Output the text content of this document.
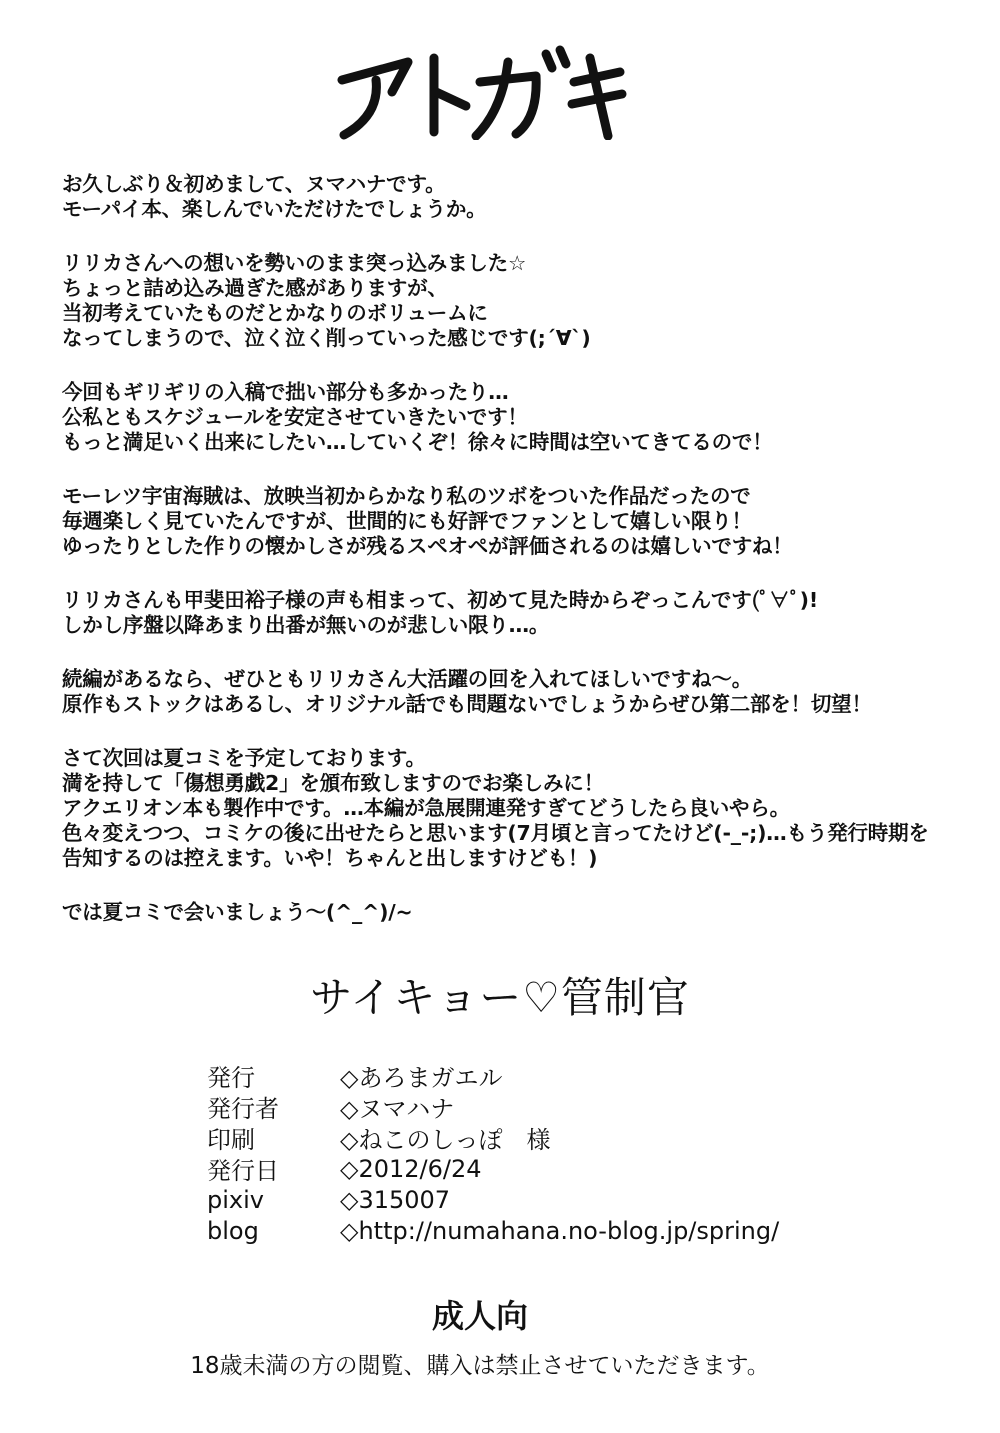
お久しぶり＆初めまして、ヌマハナです。
モーパイ本、楽しんでいただけたでしょうか。
リリカさんへの想いを勢いのまま突っ込みました☆
ちょっと詰め込み過ぎた感がありますが、
当初考えていたものだとかなりのボリュームに
なってしまうので、泣く泣く削っていった感じです(;´∀`)
今回もギリギリの入稿で拙い部分も多かったり…
公私ともスケジュールを安定させていきたいです！
もっと満足いく出来にしたい…していくぞ！徐々に時間は空いてきてるので！
モーレツ宇宙海賊は、放映当初からかなり私のツボをついた作品だったので
毎週楽しく見ていたんですが、世間的にも好評でファンとして嬉しい限り！
ゆったりとした作りの懐かしさが残るスペオペが評価されるのは嬉しいですね！
リリカさんも甲斐田裕子様の声も相まって、初めて見た時からぞっこんです(ﾟ∀ﾟ)!
しかし序盤以降あまり出番が無いのが悲しい限り…。
続編があるなら、ぜひともリリカさん大活躍の回を入れてほしいですね～。
原作もストックはあるし、オリジナル話でも問題ないでしょうからぜひ第二部を！切望！
さて次回は夏コミを予定しております。
満を持して「傷想勇戯2」を頒布致しますのでお楽しみに！
アクエリオン本も製作中です。…本編が急展開連発すぎてどうしたら良いやら。
色々変えつつ、コミケの後に出せたらと思います(7月頃と言ってたけど(-_-;)…もう発行時期を
告知するのは控えます。いや！ちゃんと出しますけども！)
では夏コミで会いましょう～(^_^)/~
サイキョー♡管制官
発行	◇あろまガエル
発行者	◇ヌマハナ
印刷	◇ねこのしっぽ　様
発行日	◇2012/6/24
pixiv	◇315007
blog	◇http://numahana.no-blog.jp/spring/
成人向
18歳未満の方の閲覧、購入は禁止させていただきます。
